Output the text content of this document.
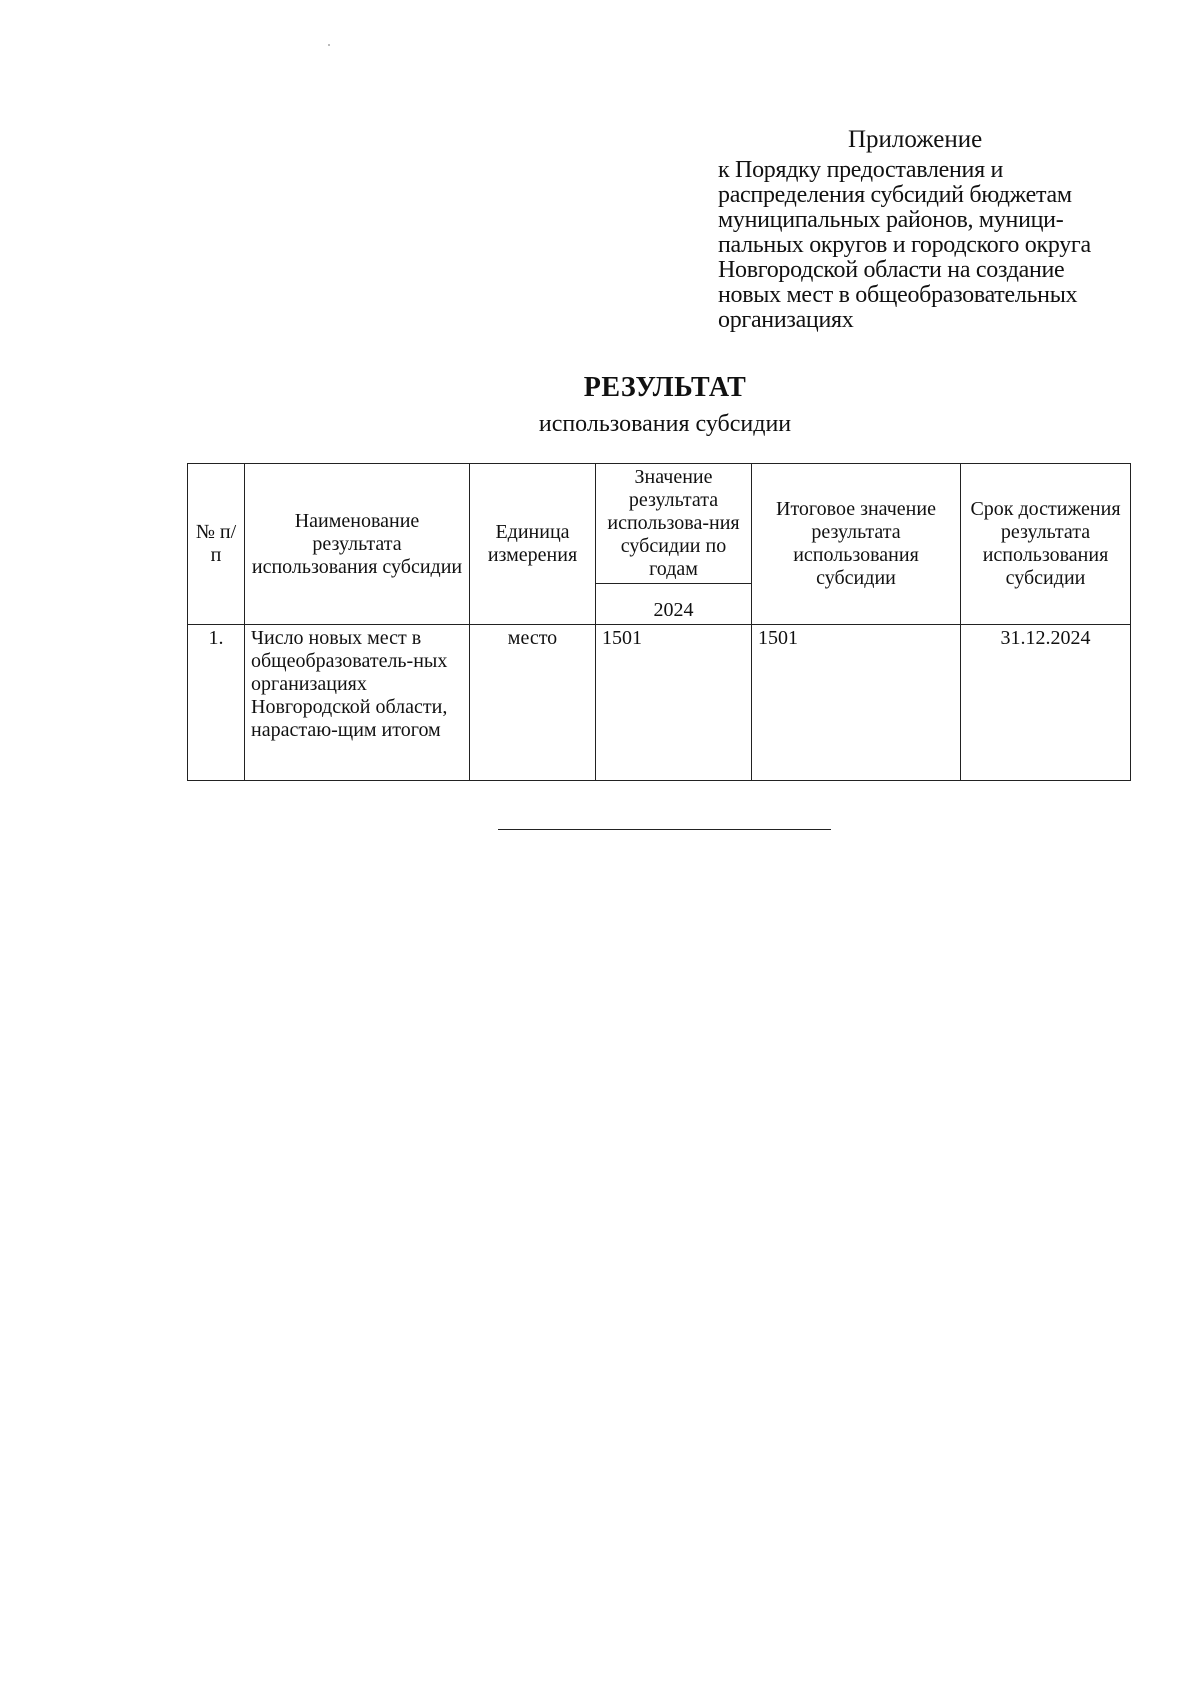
Приложение
к Порядку предоставления и
распределения субсидий бюджетам
муниципальных районов, муници-
пальных округов и городского округа
Новгородской области на создание
новых мест в общеобразовательных
организациях
РЕЗУЛЬТАТ
использования субсидии
№ п/п	Наименование результата использования субсидии	Единица измерения	Значение результата использова-ния субсидии по годам	Итоговое значение результата использования субсидии	Срок достижения результата использования субсидии
			2024		
1.	Число новых мест в общеобразователь-ных организациях Новгородской области, нарастаю-щим итогом	место	1501	1501	31.12.2024
